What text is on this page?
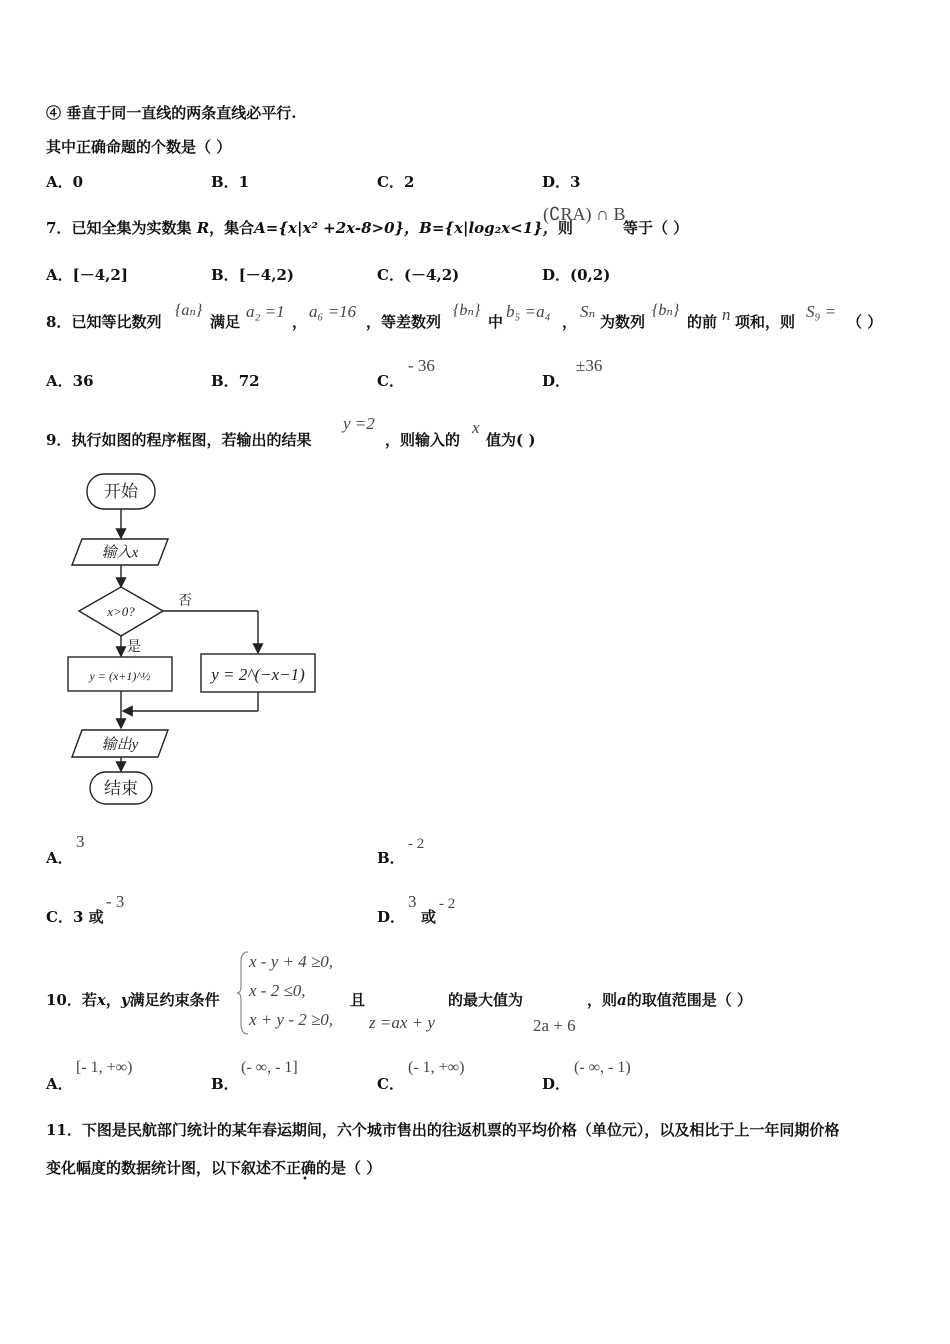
④ 垂直于同一直线的两条直线必平行.
其中正确命题的个数是（ ）
A．0	B．1	C．2	D．3
7．已知全集为实数集 R，集合A={x|x² +2x-8>0}，B={x|log₂x<1}，则
(∁RA) ∩ B
等于（ ）
A．[－4,2]	B．[－4,2)	C．(－4,2)	D．(0,2)
8．已知等比数列
{aₙ}
满足
a₂ =1
，
a₆ =16
，等差数列
{bₙ}
中
b₅ =a₄
，
Sₙ
为数列
{bₙ}
的前 n 项和，则
S₉ =
（ ）
A．36	B．72	C．
- 36
D．
±36
9．执行如图的程序框图，若输出的结果
y =2
，则输入的
x
值为( )
开始
输入x
x>0?
否
是
y = (x+1)^½	y = 2^(−x−1)
输出y
结束
A．
3
B．
- 2
C．3 或
- 3
D．
3
或
- 2
10．若x，y满足约束条件
x - y + 4 ≥0,
x - 2 ≤0,
x + y - 2 ≥0,
且
z =ax + y
的最大值为
2a + 6
，则a的取值范围是（ ）
A．
[- 1, +∞)
B．
(- ∞, - 1]
C．
(- 1, +∞)
D．
(- ∞, - 1)
11．下图是民航部门统计的某年春运期间，六个城市售出的往返机票的平均价格（单位元），以及相比于上一年同期价格
变化幅度的数据统计图，以下叙述不正确的是（ ）
•
